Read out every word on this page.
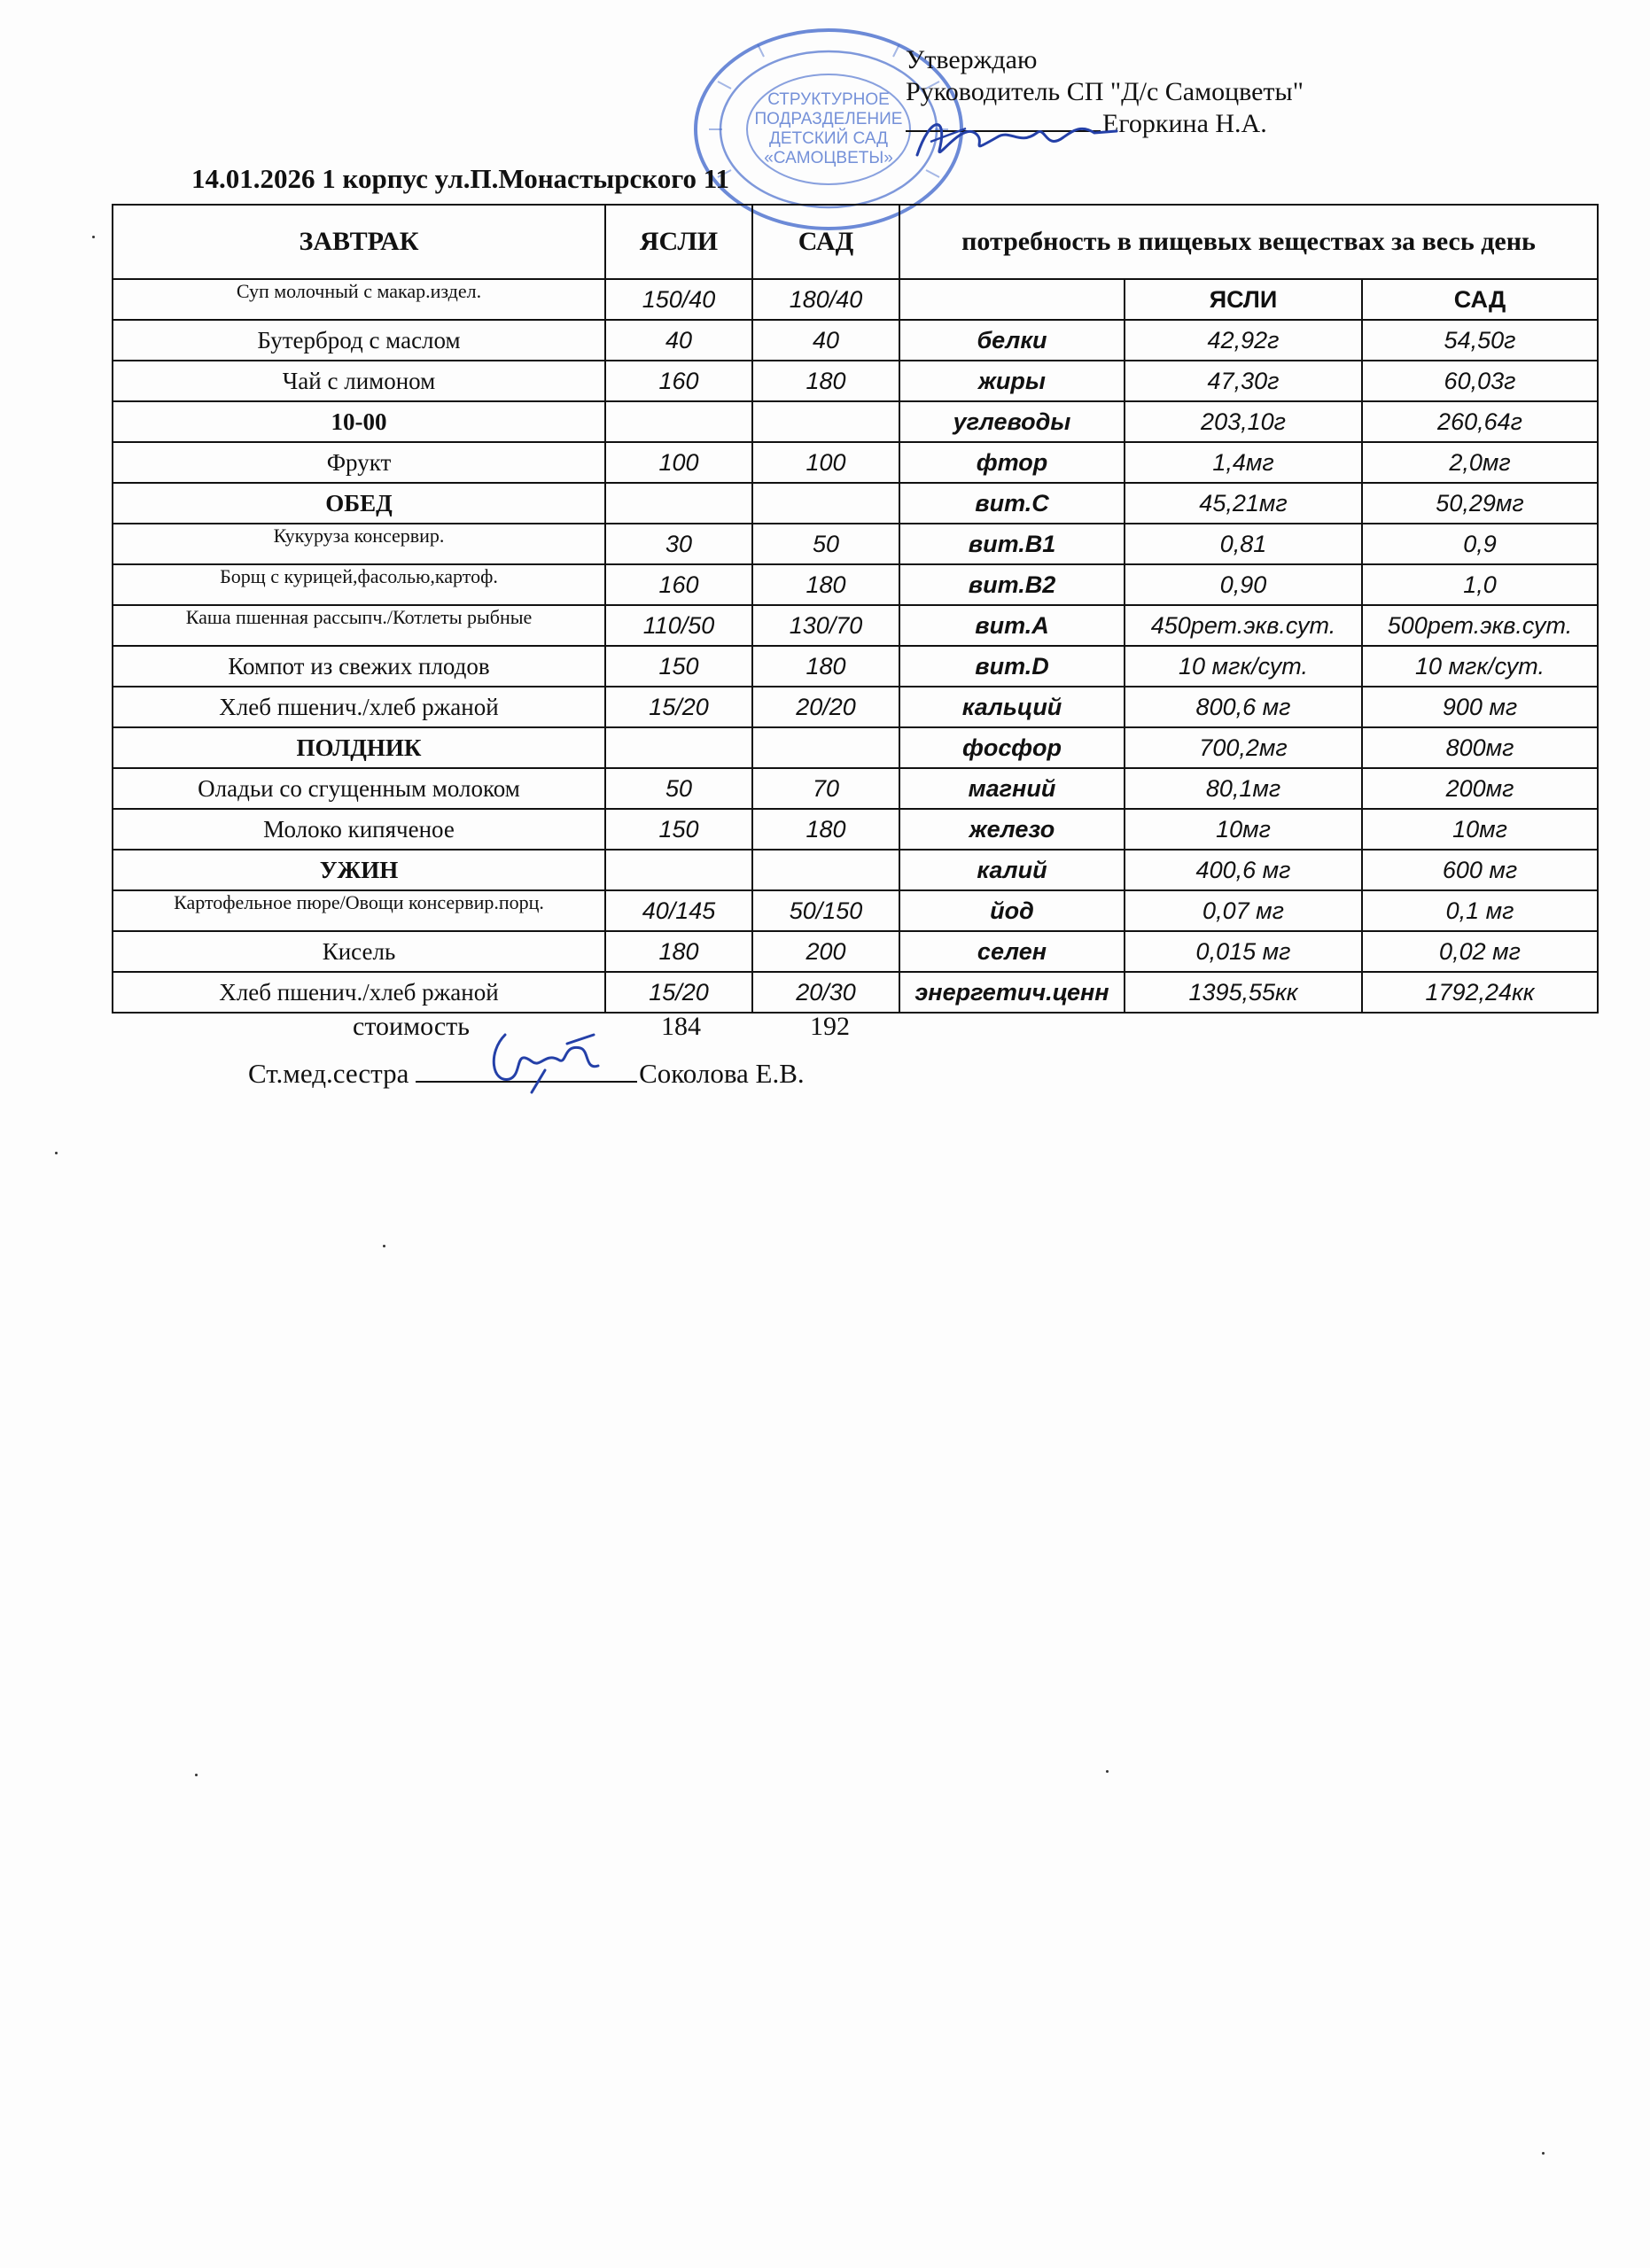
СТРУКТУРНОЕ
ПОДРАЗДЕЛЕНИЕ
ДЕТСКИЙ САД
«САМОЦВЕТЫ»
Утверждаю
Руководитель СП "Д/с Самоцветы"
Егоркина Н.А.
14.01.2026 1 корпус ул.П.Монастырского 11
ЗАВТРАК	ЯСЛИ	САД	потребность в пищевых веществах за весь день		
Суп молочный с макар.издел.	150/40	180/40		ЯСЛИ	САД
Бутерброд с маслом	40	40	белки	42,92г	54,50г
Чай с лимоном	160	180	жиры	47,30г	60,03г
10-00			углеводы	203,10г	260,64г
Фрукт	100	100	фтор	1,4мг	2,0мг
ОБЕД			вит.С	45,21мг	50,29мг
Кукуруза консервир.	30	50	вит.В1	0,81	0,9
Борщ с курицей,фасолью,картоф.	160	180	вит.В2	0,90	1,0
Каша пшенная рассыпч./Котлеты рыбные	110/50	130/70	вит.А	450рет.экв.сут.	500рет.экв.сут.
Компот из свежих плодов	150	180	вит.D	10 мгк/сут.	10 мгк/сут.
Хлеб пшенич./хлеб ржаной	15/20	20/20	кальций	800,6 мг	900 мг
ПОЛДНИК			фосфор	700,2мг	800мг
Оладьи со сгущенным молоком	50	70	магний	80,1мг	200мг
Молоко кипяченое	150	180	железо	10мг	10мг
УЖИН			калий	400,6 мг	600 мг
Картофельное пюре/Овощи консервир.порц.	40/145	50/150	йод	0,07 мг	0,1 мг
Кисель	180	200	селен	0,015 мг	0,02 мг
Хлеб пшенич./хлеб ржаной	15/20	20/30	энергетич.ценн	1395,55кк	1792,24кк
стоимость	184	192
Ст.мед.сестра	Соколова Е.В.
